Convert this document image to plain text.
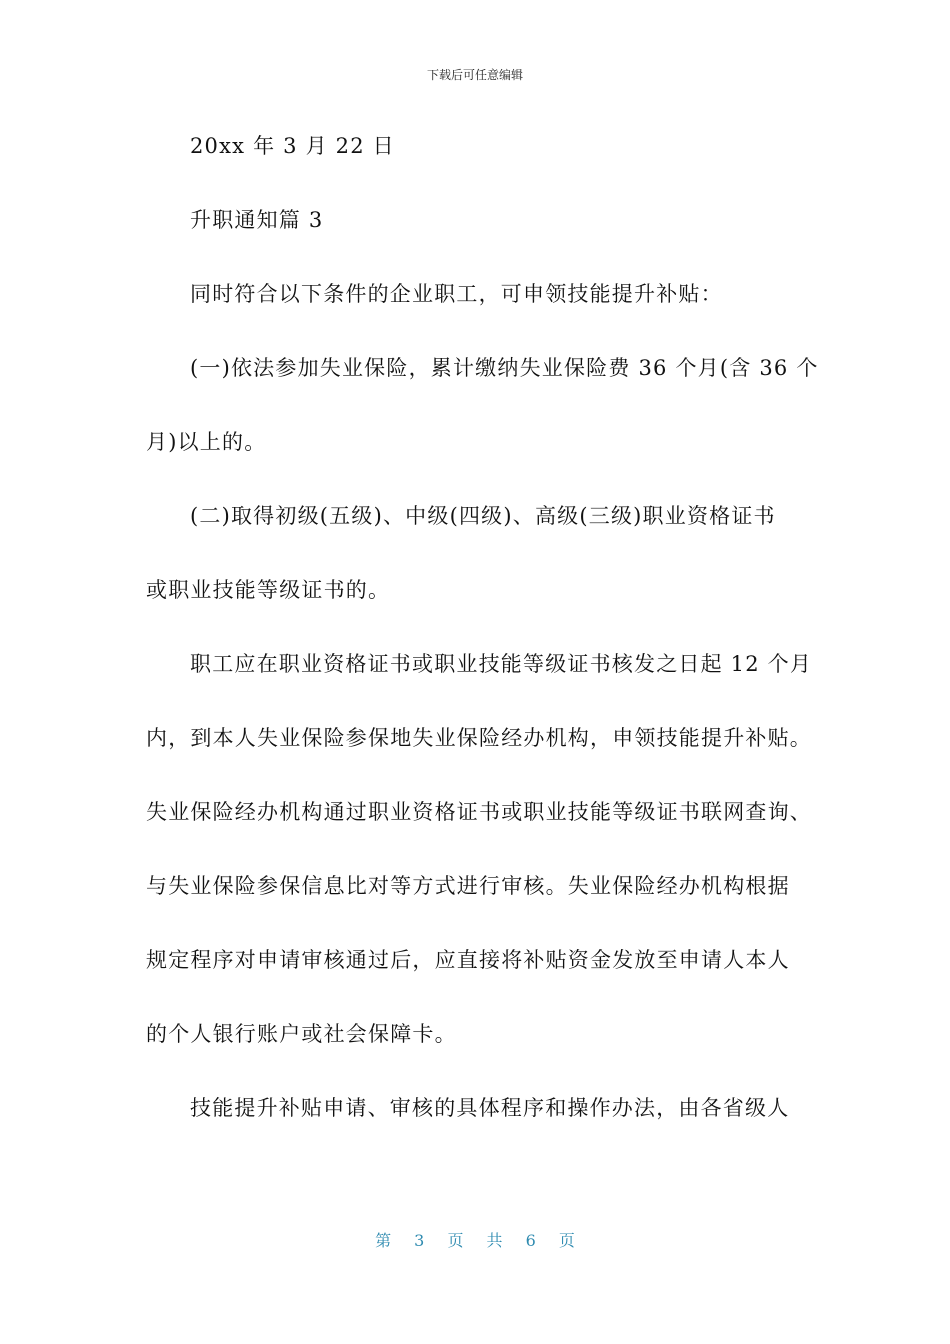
下载后可任意编辑
20xx 年 3 月 22 日
升职通知篇 3
同时符合以下条件的企业职工，可申领技能提升补贴：
(一)依法参加失业保险，累计缴纳失业保险费 36 个月(含 36 个
月)以上的。
(二)取得初级(五级)、中级(四级)、高级(三级)职业资格证书
或职业技能等级证书的。
职工应在职业资格证书或职业技能等级证书核发之日起 12 个月
内，到本人失业保险参保地失业保险经办机构，申领技能提升补贴。
失业保险经办机构通过职业资格证书或职业技能等级证书联网查询、
与失业保险参保信息比对等方式进行审核。失业保险经办机构根据
规定程序对申请审核通过后，应直接将补贴资金发放至申请人本人
的个人银行账户或社会保障卡。
技能提升补贴申请、审核的具体程序和操作办法，由各省级人
第 3 页 共 6 页
